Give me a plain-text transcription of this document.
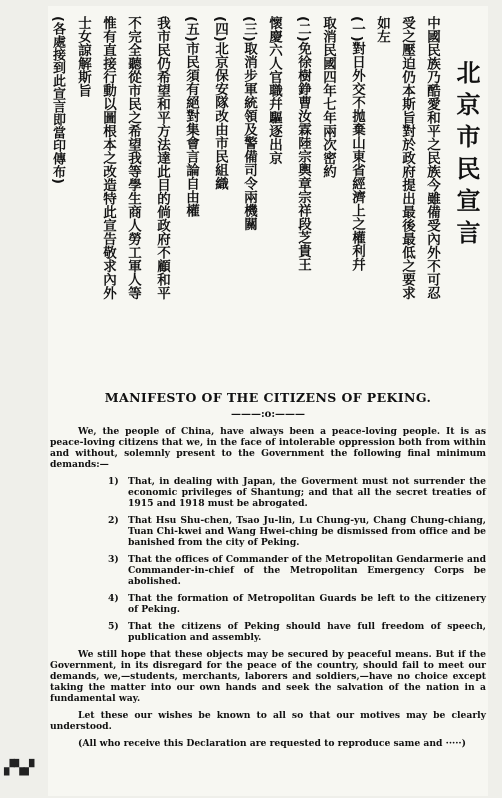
北京市民宣言
中國民族乃酷愛和平之民族今雖備受內外不可忍
受之壓迫仍本斯旨對於政府提出最後最低之要求
如左
(一)對日外交不拋棄山東省經濟上之權利幷
取消民國四年七年兩次密約
(二)免徐樹錚曹汝霖陸宗輿章宗祥段芝貴王
懷慶六人官職幷驅逐出京
(三)取消步軍統領及警備司令兩機關
(四)北京保安隊改由市民組織
(五)市民須有絕對集會言論自由權
我市民仍希望和平方法達此目的倘政府不顧和平
不完全聽從市民之希望我等學生商人勞工軍人等
惟有直接行動以圖根本之改造特此宣告敬求內外
士女諒解斯旨
(各處接到此宣言即當印傳布)
MANIFESTO OF THE CITIZENS OF PEKING.
———:o:———

We, the people of China, have always been a peace-loving people. It is as peace-loving citizens that we, in the face of intolerable oppression both from within and without, solemnly present to the Government the following final minimum demands:—

1)	That, in dealing with Japan, the Goverment must not surrender the economic privileges of Shantung; and that all the secret treaties of 1915 and 1918 must be abrogated.
2)	That Hsu Shu-chen, Tsao Ju-lin, Lu Chung-yu, Chang Chung-chiang, Tuan Chi-kwei and Wang Hwei-ching be dismissed from office and be banished from the city of Peking.
3)	That the offices of Commander of the Metropolitan Gendarmerie and Commander-in-chief of the Metropolitan Emergency Corps be abolished.
4)	That the formation of Metropolitan Guards be left to the citizenery of Peking.
5)	That the citizens of Peking should have full freedom of speech, publication and assembly.

We still hope that these objects may be secured by peaceful means. But if the Government, in its disregard for the peace of the country, should fail to meet our demands, we,—students, merchants, laborers and soldiers,—have no choice except taking the matter into our own hands and seek the salvation of the nation in a fundamental way.

Let these our wishes be known to all so that our motives may be clearly understood.

(All who receive this Declaration are requested to reproduce same and ·····)

▞▚▞
